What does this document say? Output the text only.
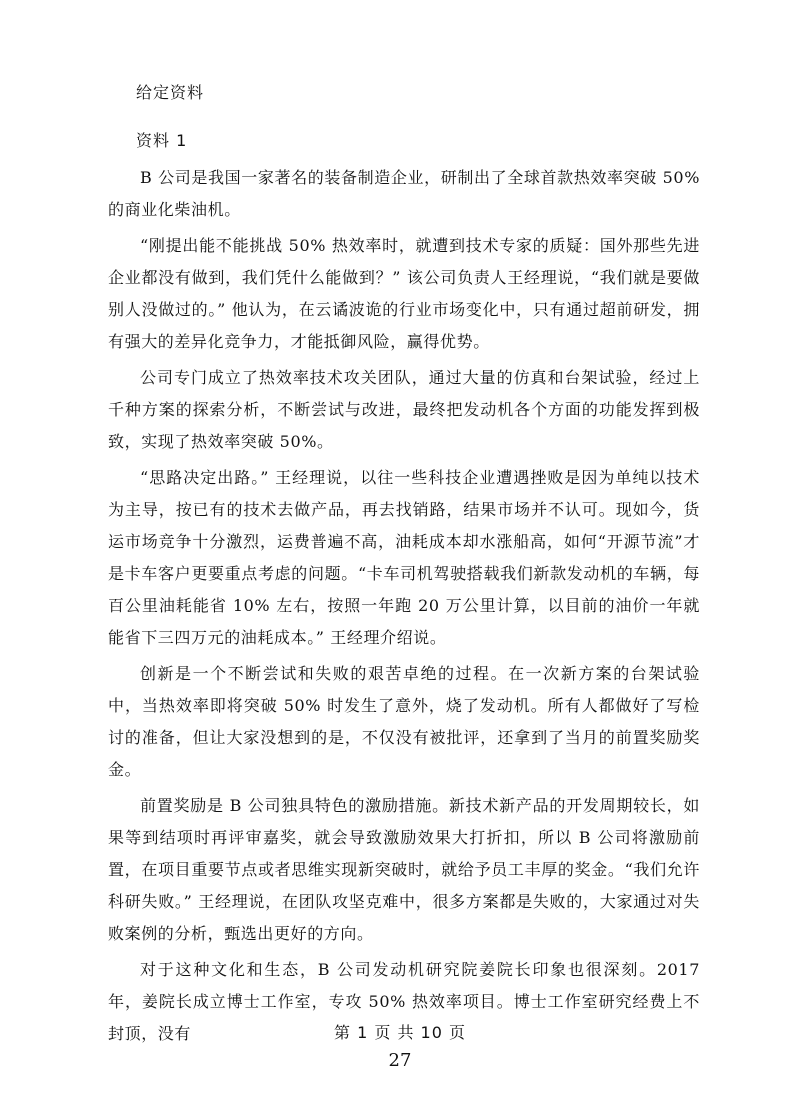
给定资料
资料 1

B 公司是我国一家著名的装备制造企业，研制出了全球首款热效率突破 50% 的商业化柴油机。

“刚提出能不能挑战 50% 热效率时，就遭到技术专家的质疑：国外那些先进企业都没有做到，我们凭什么能做到？” 该公司负责人王经理说，“我们就是要做别人没做过的。” 他认为，在云谲波诡的行业市场变化中，只有通过超前研发，拥有强大的差异化竞争力，才能抵御风险，赢得优势。

公司专门成立了热效率技术攻关团队，通过大量的仿真和台架试验，经过上千种方案的探索分析，不断尝试与改进，最终把发动机各个方面的功能发挥到极致，实现了热效率突破 50%。

“思路决定出路。” 王经理说，以往一些科技企业遭遇挫败是因为单纯以技术为主导，按已有的技术去做产品，再去找销路，结果市场并不认可。现如今，货运市场竞争十分激烈，运费普遍不高，油耗成本却水涨船高，如何“开源节流”才是卡车客户更要重点考虑的问题。“卡车司机驾驶搭载我们新款发动机的车辆，每百公里油耗能省 10% 左右，按照一年跑 20 万公里计算，以目前的油价一年就能省下三四万元的油耗成本。” 王经理介绍说。

创新是一个不断尝试和失败的艰苦卓绝的过程。在一次新方案的台架试验中，当热效率即将突破 50% 时发生了意外，烧了发动机。所有人都做好了写检讨的准备，但让大家没想到的是，不仅没有被批评，还拿到了当月的前置奖励奖金。

前置奖励是 B 公司独具特色的激励措施。新技术新产品的开发周期较长，如果等到结项时再评审嘉奖，就会导致激励效果大打折扣，所以 B 公司将激励前置，在项目重要节点或者思维实现新突破时，就给予员工丰厚的奖金。“我们允许科研失败。” 王经理说，在团队攻坚克难中，很多方案都是失败的，大家通过对失败案例的分析，甄选出更好的方向。

对于这种文化和生态，B 公司发动机研究院姜院长印象也很深刻。2017 年，姜院长成立博士工作室，专攻 50% 热效率项目。博士工作室研究经费上不封顶，没有	第 1 页 共 10 页
27
